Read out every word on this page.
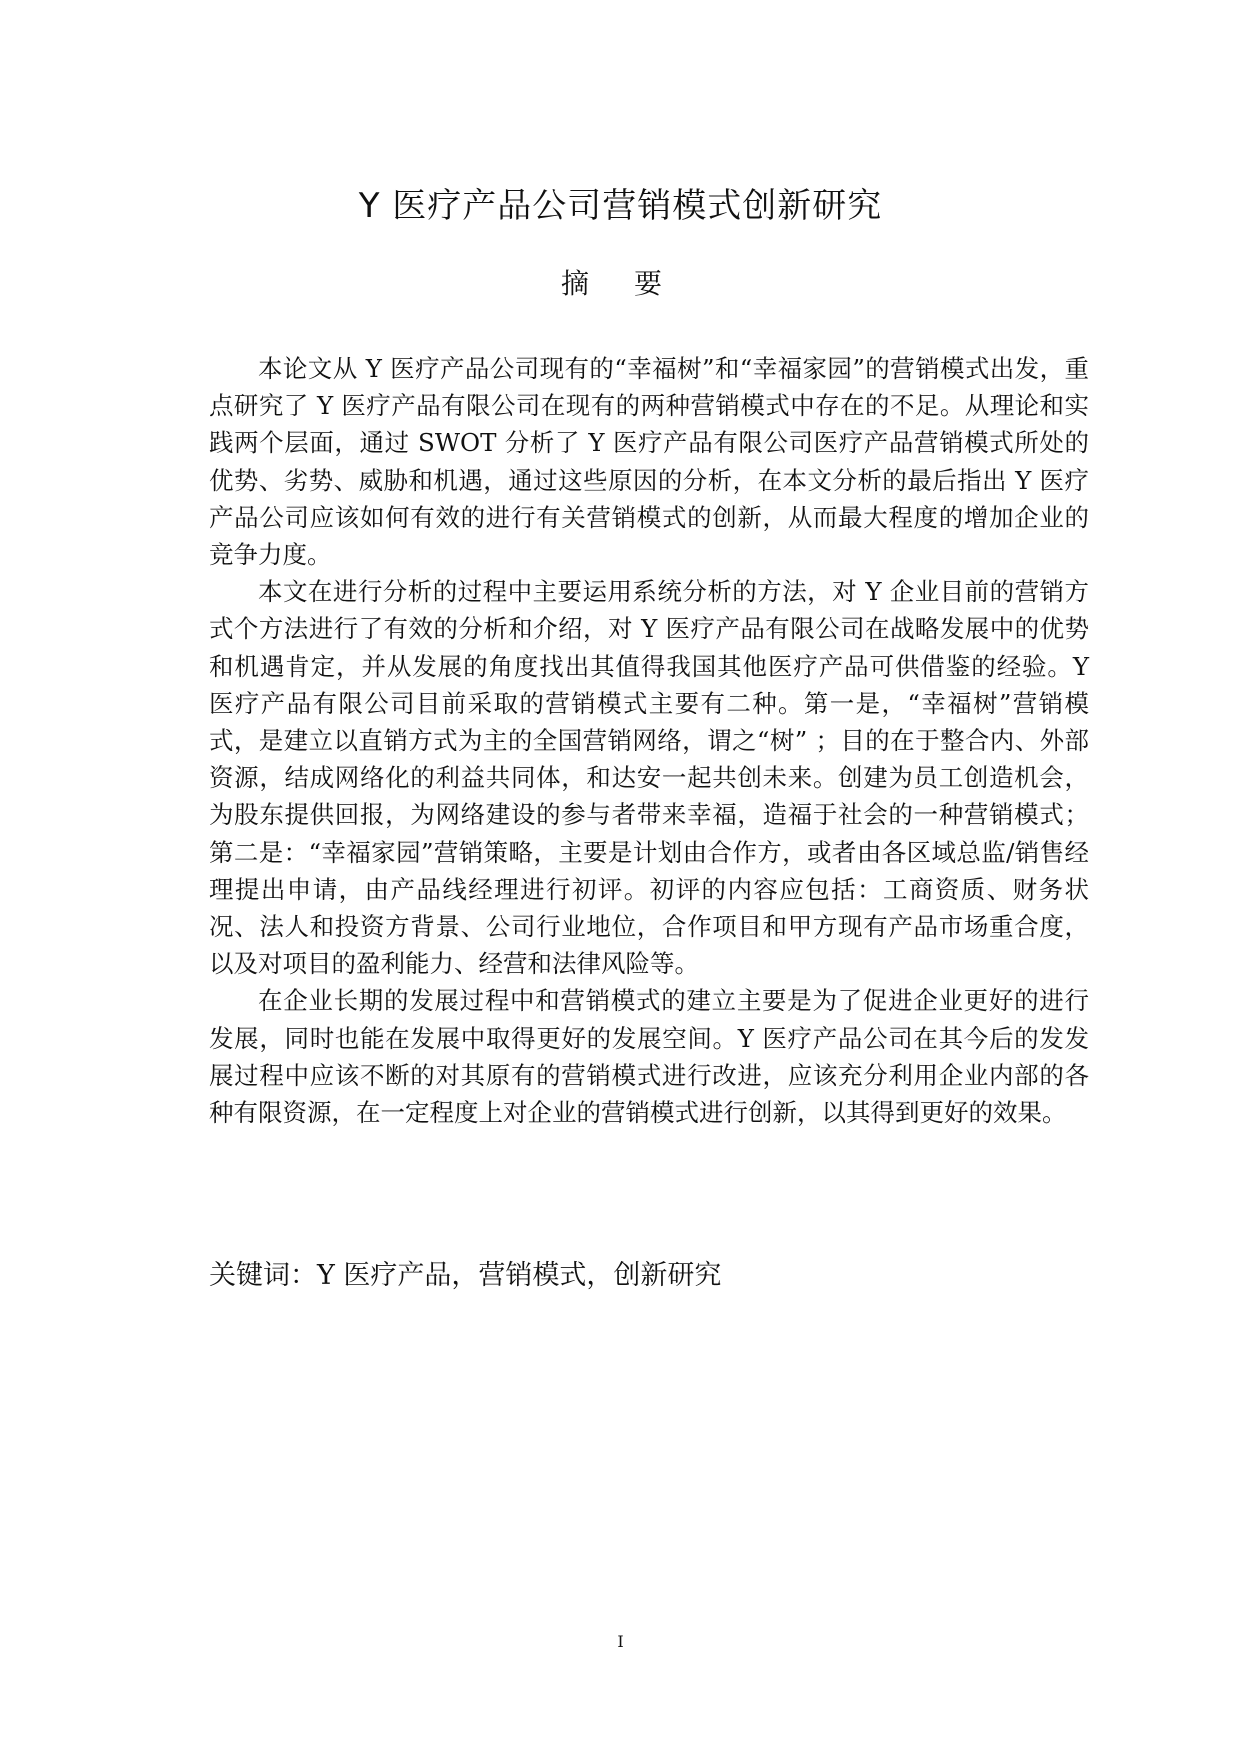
Y 医疗产品公司营销模式创新研究
摘 要

本论文从 Y 医疗产品公司现有的“幸福树”和“幸福家园”的营销模式出发，重点研究了 Y 医疗产品有限公司在现有的两种营销模式中存在的不足。从理论和实践两个层面，通过 SWOT 分析了 Y 医疗产品有限公司医疗产品营销模式所处的优势、劣势、威胁和机遇，通过这些原因的分析，在本文分析的最后指出 Y 医疗产品公司应该如何有效的进行有关营销模式的创新，从而最大程度的增加企业的竞争力度。

本文在进行分析的过程中主要运用系统分析的方法，对 Y 企业目前的营销方式个方法进行了有效的分析和介绍，对 Y 医疗产品有限公司在战略发展中的优势和机遇肯定，并从发展的角度找出其值得我国其他医疗产品可供借鉴的经验。Y 医疗产品有限公司目前采取的营销模式主要有二种。第一是，“幸福树”营销模式，是建立以直销方式为主的全国营销网络，谓之“树” ；目的在于整合内、外部资源，结成网络化的利益共同体，和达安一起共创未来。创建为员工创造机会，为股东提供回报，为网络建设的参与者带来幸福，造福于社会的一种营销模式；第二是：“幸福家园”营销策略，主要是计划由合作方，或者由各区域总监/销售经理提出申请，由产品线经理进行初评。初评的内容应包括：工商资质、财务状况、法人和投资方背景、公司行业地位，合作项目和甲方现有产品市场重合度，以及对项目的盈利能力、经营和法律风险等。

在企业长期的发展过程中和营销模式的建立主要是为了促进企业更好的进行发展，同时也能在发展中取得更好的发展空间。Y 医疗产品公司在其今后的发发展过程中应该不断的对其原有的营销模式进行改进，应该充分利用企业内部的各种有限资源，在一定程度上对企业的营销模式进行创新，以其得到更好的效果。

关键词：Y 医疗产品，营销模式，创新研究
I
